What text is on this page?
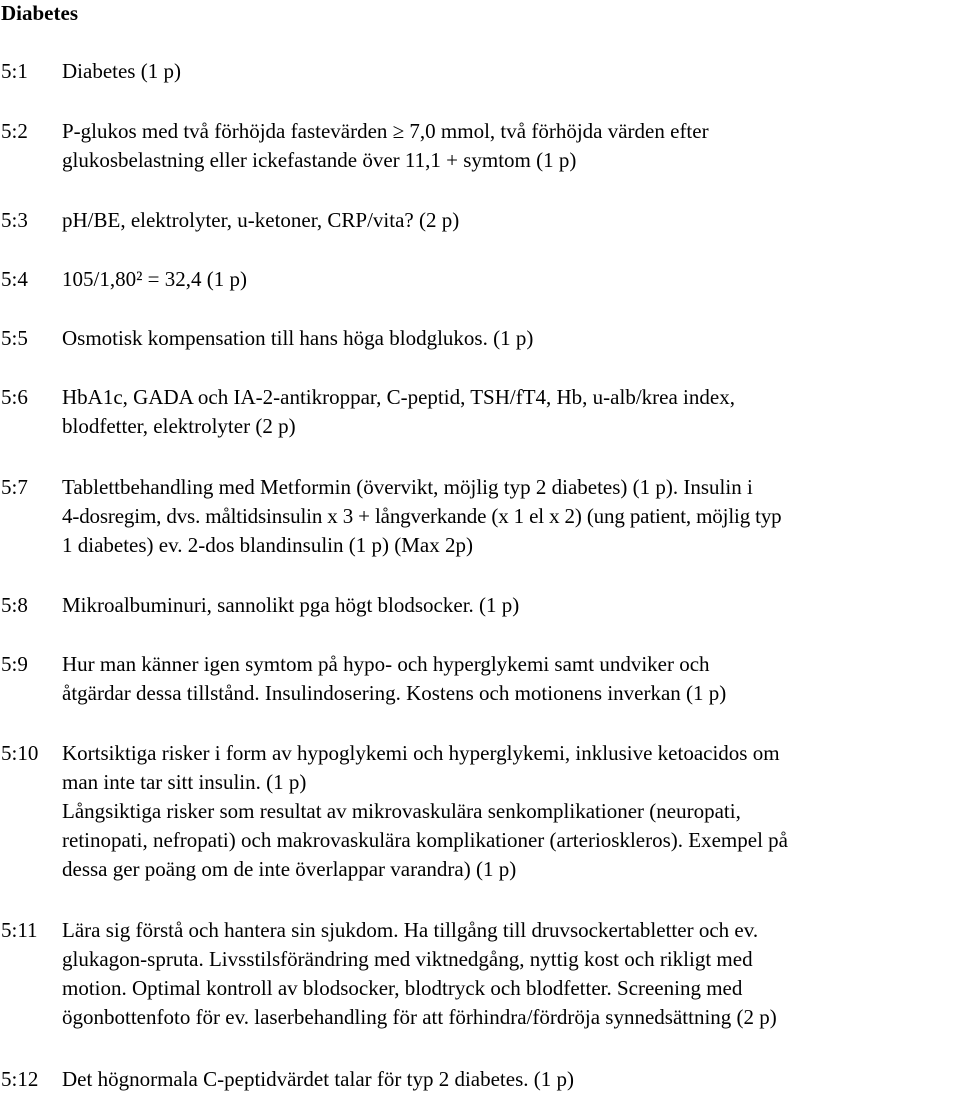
Diabetes
5:1 Diabetes (1 p)
5:2 P-glukos med två förhöjda fastevärden ≥ 7,0 mmol, två förhöjda värden efter
glukosbelastning eller ickefastande över 11,1 + symtom (1 p)
5:3 pH/BE, elektrolyter, u-ketoner, CRP/vita? (2 p)
5:4 105/1,80² = 32,4 (1 p)
5:5 Osmotisk kompensation till hans höga blodglukos. (1 p)
5:6 HbA1c, GADA och IA-2-antikroppar, C-peptid, TSH/fT4, Hb, u-alb/krea index,
blodfetter, elektrolyter (2 p)
5:7 Tablettbehandling med Metformin (övervikt, möjlig typ 2 diabetes) (1 p). Insulin i
4-dosregim, dvs. måltidsinsulin x 3 + långverkande (x 1 el x 2) (ung patient, möjlig typ
1 diabetes) ev. 2-dos blandinsulin (1 p) (Max 2p)
5:8 Mikroalbuminuri, sannolikt pga högt blodsocker. (1 p)
5:9 Hur man känner igen symtom på hypo- och hyperglykemi samt undviker och
åtgärdar dessa tillstånd. Insulindosering. Kostens och motionens inverkan (1 p)
5:10 Kortsiktiga risker i form av hypoglykemi och hyperglykemi, inklusive ketoacidos om
man inte tar sitt insulin. (1 p)
Långsiktiga risker som resultat av mikrovaskulära senkomplikationer (neuropati,
retinopati, nefropati) och makrovaskulära komplikationer (arterioskleros). Exempel på
dessa ger poäng om de inte överlappar varandra) (1 p)
5:11 Lära sig förstå och hantera sin sjukdom. Ha tillgång till druvsockertabletter och ev.
glukagon-spruta. Livsstilsförändring med viktnedgång, nyttig kost och rikligt med
motion. Optimal kontroll av blodsocker, blodtryck och blodfetter. Screening med
ögonbottenfoto för ev. laserbehandling för att förhindra/fördröja synnedsättning (2 p)
5:12 Det högnormala C-peptidvärdet talar för typ 2 diabetes. (1 p)
